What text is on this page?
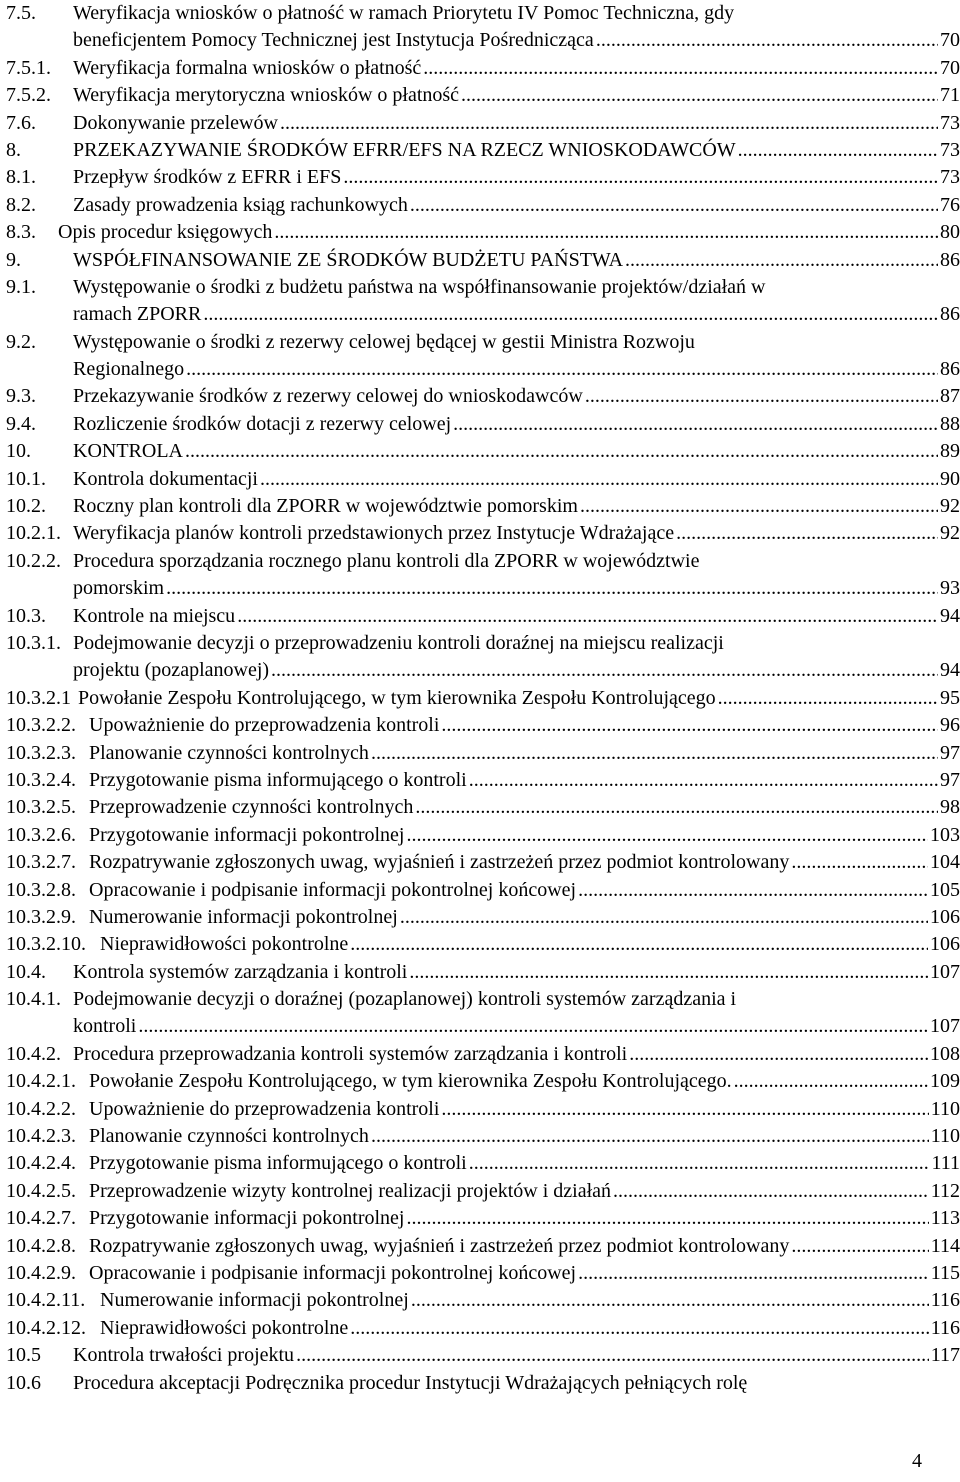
7.5. Weryfikacja wniosków o płatność w ramach Priorytetu IV Pomoc Techniczna, gdy
beneficjentem Pomocy Technicznej jest Instytucja Pośrednicząca .....	70
7.5.1. Weryfikacja formalna wniosków o płatność .....	70
7.5.2. Weryfikacja merytoryczna wniosków o płatność .....	71
7.6. Dokonywanie przelewów .....	73
8.	PRZEKAZYWANIE ŚRODKÓW EFRR/EFS NA RZECZ WNIOSKODAWCÓW .....	73
8.1. Przepływ środków z EFRR i EFS .....	73
8.2. Zasady prowadzenia ksiąg rachunkowych .....	76
8.3. Opis procedur księgowych .....	80
9.	WSPÓŁFINANSOWANIE ZE ŚRODKÓW BUDŻETU PAŃSTWA .....	86
9.1. Występowanie o środki z budżetu państwa na współfinansowanie projektów/działań w
ramach ZPORR .....	86
9.2. Występowanie o środki z rezerwy celowej będącej w gestii Ministra Rozwoju
Regionalnego .....	86
9.3. Przekazywanie środków z rezerwy celowej do wnioskodawców .....	87
9.4. Rozliczenie środków dotacji z rezerwy celowej .....	88
10. KONTROLA .....	89
10.1. Kontrola dokumentacji .....	90
10.2. Roczny plan kontroli dla ZPORR w województwie pomorskim .....	92
10.2.1. Weryfikacja planów kontroli przedstawionych przez Instytucje Wdrażające .....	92
10.2.2. Procedura sporządzania rocznego planu kontroli dla ZPORR w województwie
pomorskim .....	93
10.3. Kontrole na miejscu .....	94
10.3.1. Podejmowanie decyzji o przeprowadzeniu kontroli doraźnej na miejscu realizacji
projektu (pozaplanowej) .....	94
10.3.2.1 Powołanie Zespołu Kontrolującego, w tym kierownika Zespołu Kontrolującego .....	95
10.3.2.2. Upoważnienie do przeprowadzenia kontroli .....	96
10.3.2.3. Planowanie czynności kontrolnych .....	97
10.3.2.4. Przygotowanie pisma informującego o kontroli .....	97
10.3.2.5. Przeprowadzenie czynności kontrolnych .....	98
10.3.2.6. Przygotowanie informacji pokontrolnej .....	103
10.3.2.7. Rozpatrywanie zgłoszonych uwag, wyjaśnień i zastrzeżeń przez podmiot kontrolowany .....	104
10.3.2.8. Opracowanie i podpisanie informacji pokontrolnej końcowej .....	105
10.3.2.9. Numerowanie informacji pokontrolnej .....	106
10.3.2.10. Nieprawidłowości pokontrolne .....	106
10.4. Kontrola systemów zarządzania i kontroli .....	107
10.4.1. Podejmowanie decyzji o doraźnej (pozaplanowej) kontroli systemów zarządzania i
kontroli .....	107
10.4.2. Procedura przeprowadzania kontroli systemów zarządzania i kontroli .....	108
10.4.2.1. Powołanie Zespołu Kontrolującego, w tym kierownika Zespołu Kontrolującego. .....	109
10.4.2.2. Upoważnienie do przeprowadzenia kontroli .....	110
10.4.2.3. Planowanie czynności kontrolnych .....	110
10.4.2.4. Przygotowanie pisma informującego o kontroli .....	111
10.4.2.5. Przeprowadzenie wizyty kontrolnej realizacji projektów i działań .....	112
10.4.2.7. Przygotowanie informacji pokontrolnej .....	113
10.4.2.8. Rozpatrywanie zgłoszonych uwag, wyjaśnień i zastrzeżeń przez podmiot kontrolowany .....	114
10.4.2.9. Opracowanie i podpisanie informacji pokontrolnej końcowej .....	115
10.4.2.11. Numerowanie informacji pokontrolnej .....	116
10.4.2.12. Nieprawidłowości pokontrolne .....	116
10.5 Kontrola trwałości projektu .....	117
10.6 Procedura akceptacji Podręcznika procedur Instytucji Wdrażających pełniących rolę
4
